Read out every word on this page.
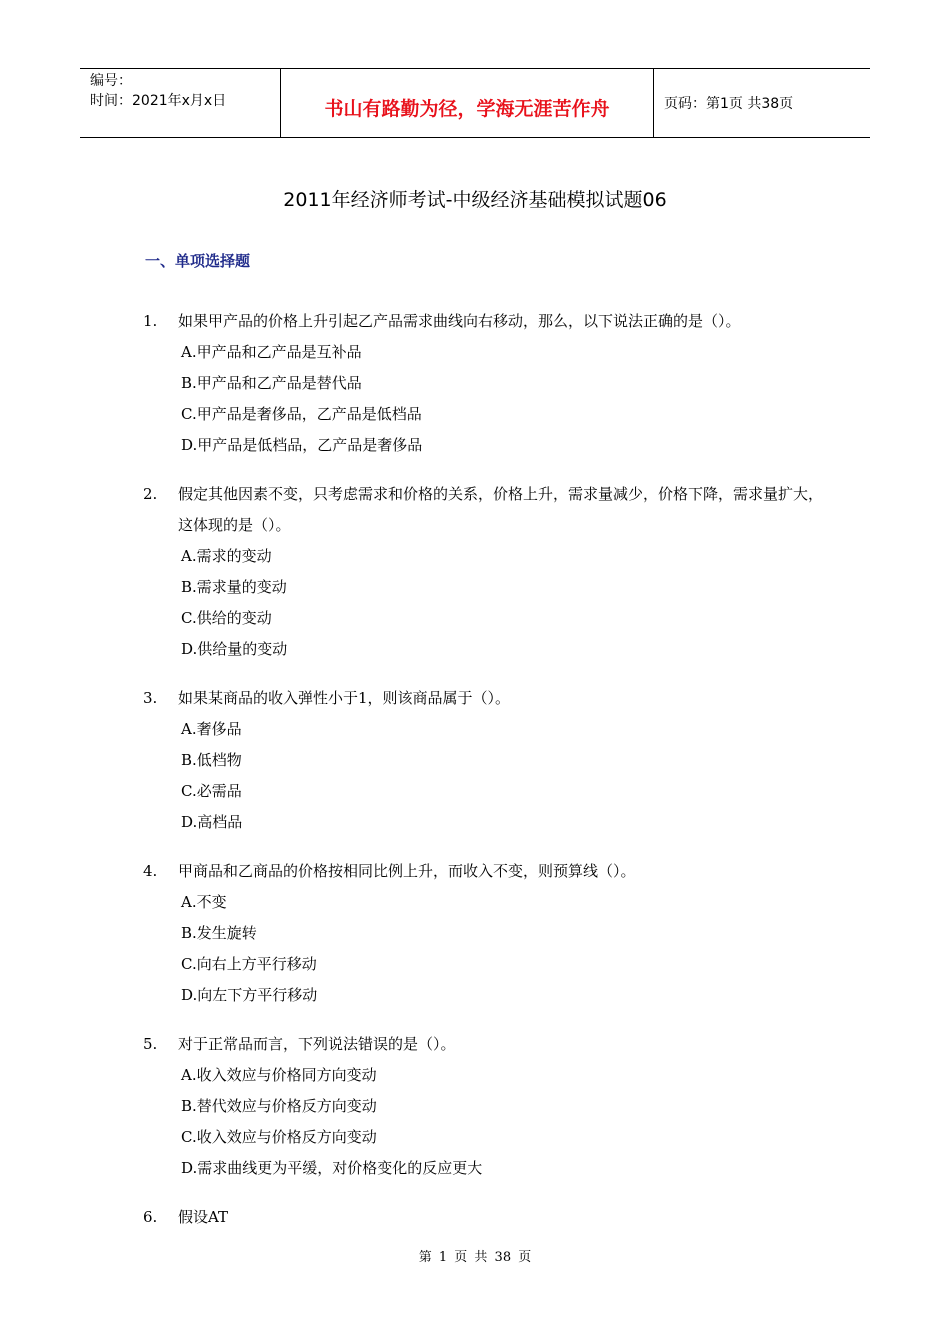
编号：
时间：2021年x月x日	书山有路勤为径，学海无涯苦作舟	页码：第1页 共38页
2011年经济师考试-中级经济基础模拟试题06
一、单项选择题
1.	如果甲产品的价格上升引起乙产品需求曲线向右移动，那么，以下说法正确的是（）。
A.甲产品和乙产品是互补品
B.甲产品和乙产品是替代品
C.甲产品是奢侈品，乙产品是低档品
D.甲产品是低档品，乙产品是奢侈品
2.	假定其他因素不变，只考虑需求和价格的关系，价格上升，需求量减少，价格下降，需求量扩大，这体现的是（）。
A.需求的变动
B.需求量的变动
C.供给的变动
D.供给量的变动
3.	如果某商品的收入弹性小于1，则该商品属于（）。
A.奢侈品
B.低档物
C.必需品
D.高档品
4.	甲商品和乙商品的价格按相同比例上升，而收入不变，则预算线（）。
A.不变
B.发生旋转
C.向右上方平行移动
D.向左下方平行移动
5.	对于正常品而言，下列说法错误的是（）。
A.收入效应与价格同方向变动
B.替代效应与价格反方向变动
C.收入效应与价格反方向变动
D.需求曲线更为平缓，对价格变化的反应更大
6.	假设AT
第 1 页 共 38 页
